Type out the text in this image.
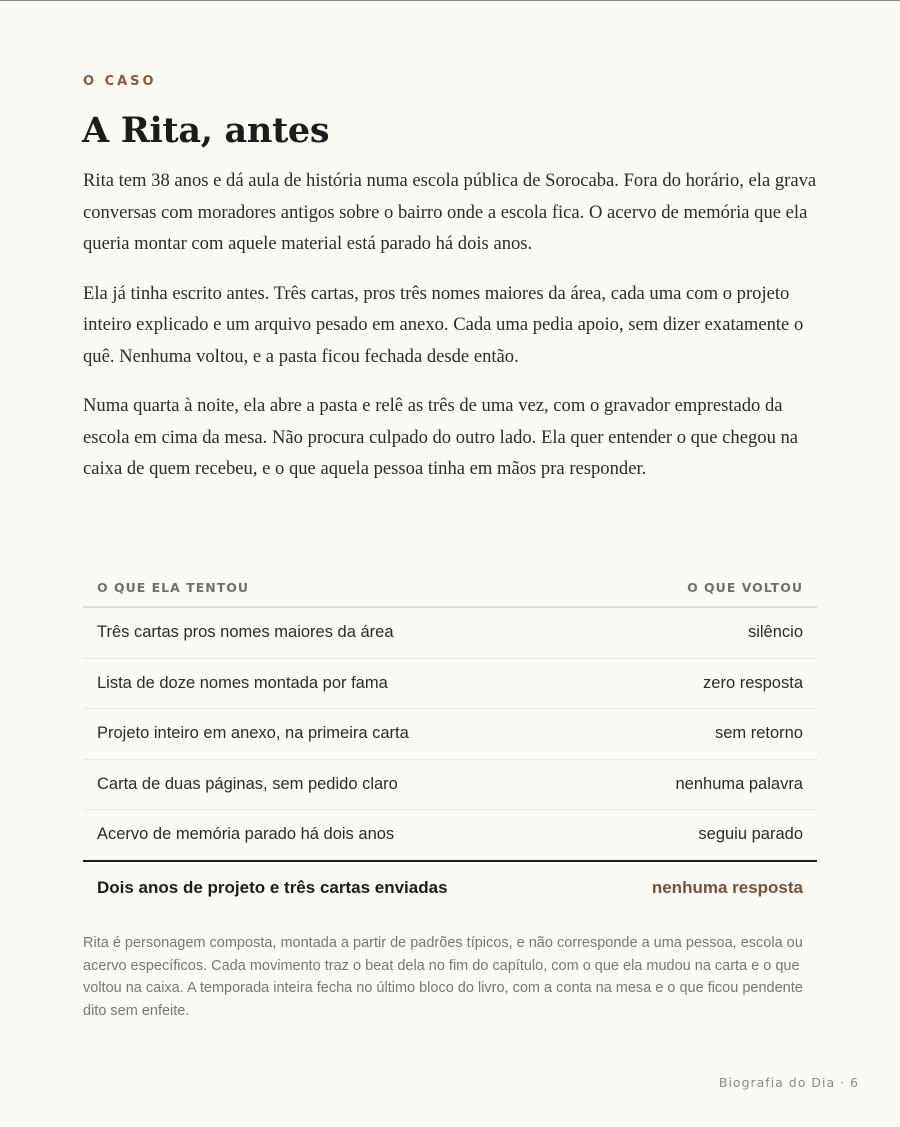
O CASO
A Rita, antes

Rita tem 38 anos e dá aula de história numa escola pública de Sorocaba. Fora do horário, ela grava conversas com moradores antigos sobre o bairro onde a escola fica. O acervo de memória que ela queria montar com aquele material está parado há dois anos.

Ela já tinha escrito antes. Três cartas, pros três nomes maiores da área, cada uma com o projeto inteiro explicado e um arquivo pesado em anexo. Cada uma pedia apoio, sem dizer exatamente o quê. Nenhuma voltou, e a pasta ficou fechada desde então.

Numa quarta à noite, ela abre a pasta e relê as três de uma vez, com o gravador emprestado da escola em cima da mesa. Não procura culpado do outro lado. Ela quer entender o que chegou na caixa de quem recebeu, e o que aquela pessoa tinha em mãos pra responder.

O QUE ELA TENTOU	O QUE VOLTOU
Três cartas pros nomes maiores da área	silêncio
Lista de doze nomes montada por fama	zero resposta
Projeto inteiro em anexo, na primeira carta	sem retorno
Carta de duas páginas, sem pedido claro	nenhuma palavra
Acervo de memória parado há dois anos	seguiu parado
Dois anos de projeto e três cartas enviadas	nenhuma resposta

Rita é personagem composta, montada a partir de padrões típicos, e não corresponde a uma pessoa, escola ou acervo específicos. Cada movimento traz o beat dela no fim do capítulo, com o que ela mudou na carta e o que voltou na caixa. A temporada inteira fecha no último bloco do livro, com a conta na mesa e o que ficou pendente dito sem enfeite.

Biografia do Dia · 6
